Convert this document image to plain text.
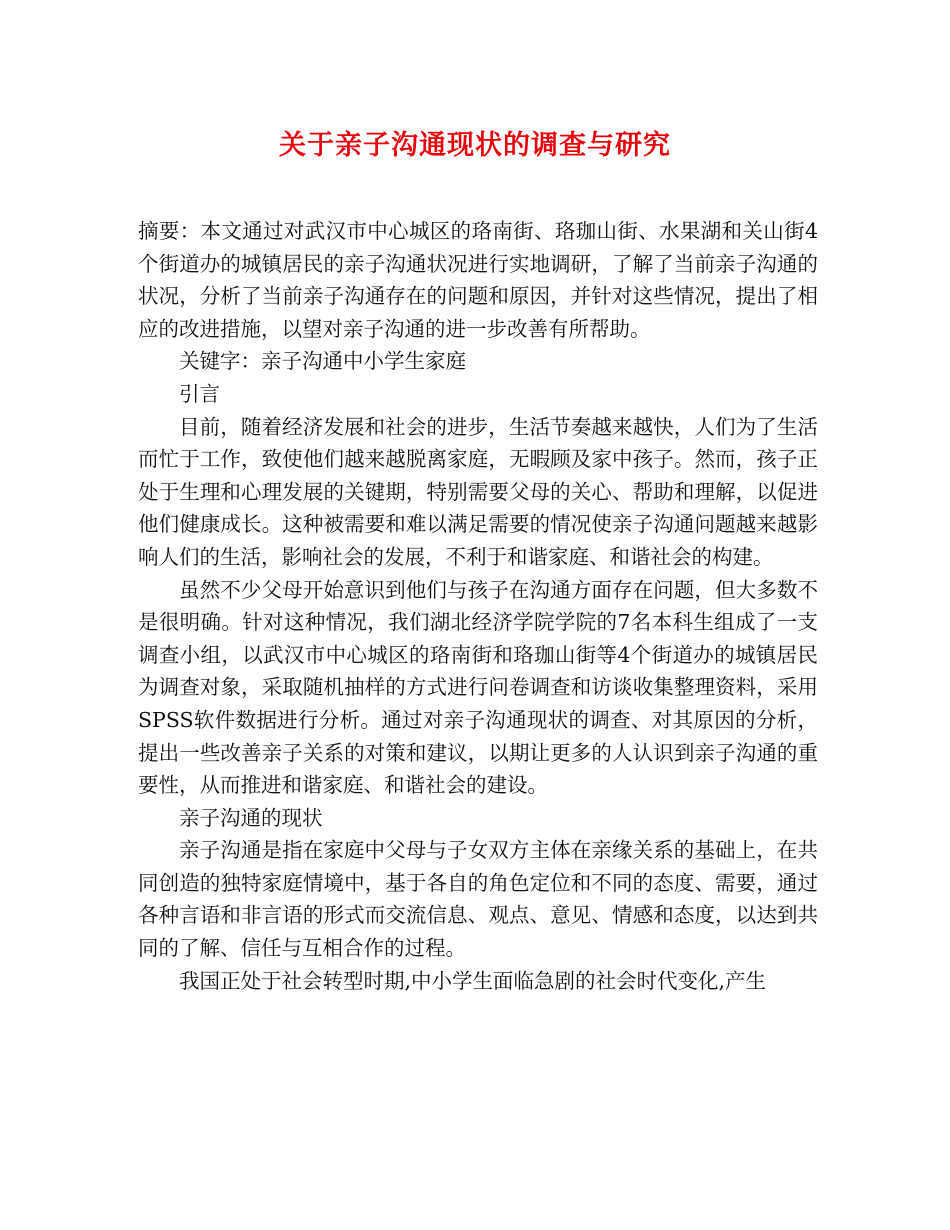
关于亲子沟通现状的调查与研究

摘要：本文通过对武汉市中心城区的珞南街、珞珈山街、水果湖和关山街4个街道办的城镇居民的亲子沟通状况进行实地调研，了解了当前亲子沟通的状况，分析了当前亲子沟通存在的问题和原因，并针对这些情况，提出了相应的改进措施，以望对亲子沟通的进一步改善有所帮助。

关键字：亲子沟通中小学生家庭

引言

目前，随着经济发展和社会的进步，生活节奏越来越快，人们为了生活而忙于工作，致使他们越来越脱离家庭，无暇顾及家中孩子。然而，孩子正处于生理和心理发展的关键期，特别需要父母的关心、帮助和理解，以促进他们健康成长。这种被需要和难以满足需要的情况使亲子沟通问题越来越影响人们的生活，影响社会的发展，不利于和谐家庭、和谐社会的构建。

虽然不少父母开始意识到他们与孩子在沟通方面存在问题，但大多数不是很明确。针对这种情况，我们湖北经济学院学院的7名本科生组成了一支调查小组，以武汉市中心城区的珞南街和珞珈山街等4个街道办的城镇居民为调查对象，采取随机抽样的方式进行问卷调查和访谈收集整理资料，采用SPSS软件数据进行分析。通过对亲子沟通现状的调查、对其原因的分析，提出一些改善亲子关系的对策和建议，以期让更多的人认识到亲子沟通的重要性，从而推进和谐家庭、和谐社会的建设。

亲子沟通的现状

亲子沟通是指在家庭中父母与子女双方主体在亲缘关系的基础上，在共同创造的独特家庭情境中，基于各自的角色定位和不同的态度、需要，通过各种言语和非言语的形式而交流信息、观点、意见、情感和态度，以达到共同的了解、信任与互相合作的过程。

我国正处于社会转型时期,中小学生面临急剧的社会时代变化,产生
